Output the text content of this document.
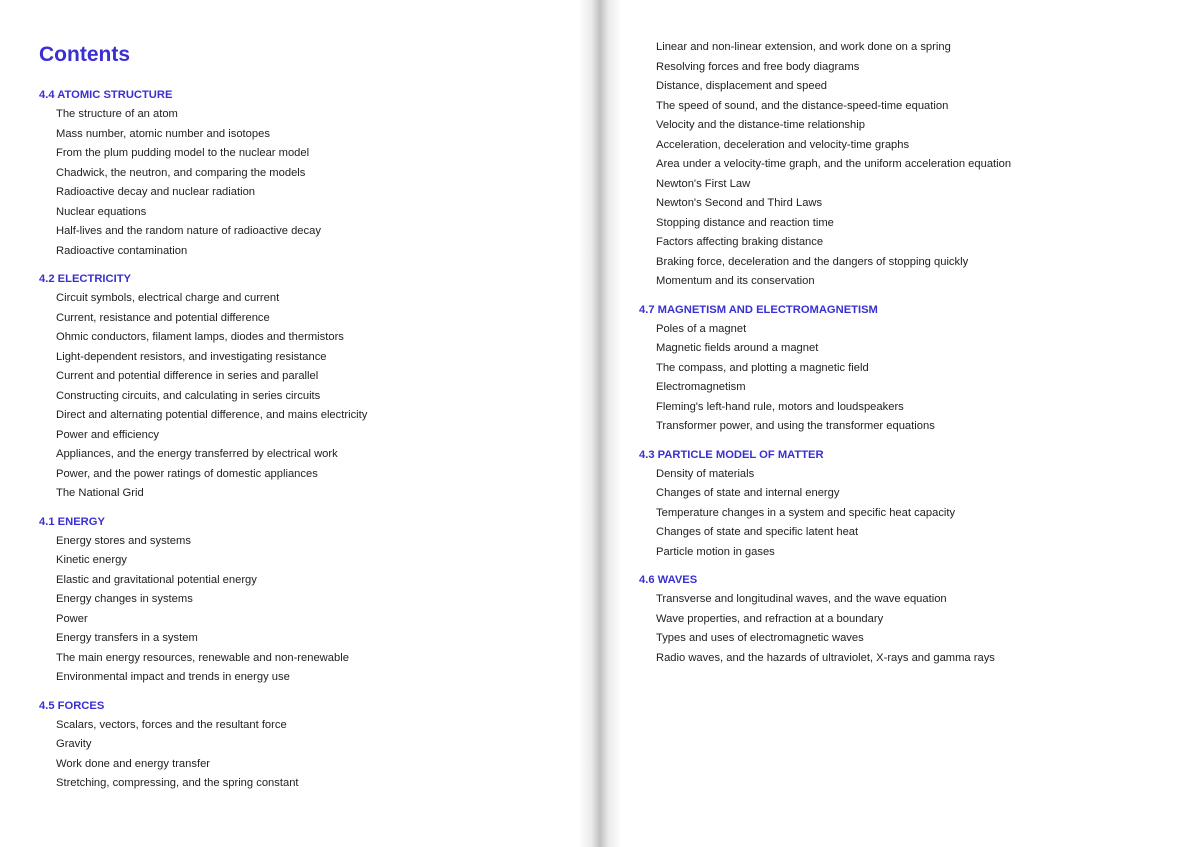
Contents
4.4 ATOMIC STRUCTURE
The structure of an atom
Mass number, atomic number and isotopes
From the plum pudding model to the nuclear model
Chadwick, the neutron, and comparing the models
Radioactive decay and nuclear radiation
Nuclear equations
Half-lives and the random nature of radioactive decay
Radioactive contamination
4.2 ELECTRICITY
Circuit symbols, electrical charge and current
Current, resistance and potential difference
Ohmic conductors, filament lamps, diodes and thermistors
Light-dependent resistors, and investigating resistance
Current and potential difference in series and parallel
Constructing circuits, and calculating in series circuits
Direct and alternating potential difference, and mains electricity
Power and efficiency
Appliances, and the energy transferred by electrical work
Power, and the power ratings of domestic appliances
The National Grid
4.1 ENERGY
Energy stores and systems
Kinetic energy
Elastic and gravitational potential energy
Energy changes in systems
Power
Energy transfers in a system
The main energy resources, renewable and non-renewable
Environmental impact and trends in energy use
4.5 FORCES
Scalars, vectors, forces and the resultant force
Gravity
Work done and energy transfer
Stretching, compressing, and the spring constant
Linear and non-linear extension, and work done on a spring
Resolving forces and free body diagrams
Distance, displacement and speed
The speed of sound, and the distance-speed-time equation
Velocity and the distance-time relationship
Acceleration, deceleration and velocity-time graphs
Area under a velocity-time graph, and the uniform acceleration equation
Newton's First Law
Newton's Second and Third Laws
Stopping distance and reaction time
Factors affecting braking distance
Braking force, deceleration and the dangers of stopping quickly
Momentum and its conservation
4.7 MAGNETISM AND ELECTROMAGNETISM
Poles of a magnet
Magnetic fields around a magnet
The compass, and plotting a magnetic field
Electromagnetism
Fleming's left-hand rule, motors and loudspeakers
Transformer power, and using the transformer equations
4.3 PARTICLE MODEL OF MATTER
Density of materials
Changes of state and internal energy
Temperature changes in a system and specific heat capacity
Changes of state and specific latent heat
Particle motion in gases
4.6 WAVES
Transverse and longitudinal waves, and the wave equation
Wave properties, and refraction at a boundary
Types and uses of electromagnetic waves
Radio waves, and the hazards of ultraviolet, X-rays and gamma rays
